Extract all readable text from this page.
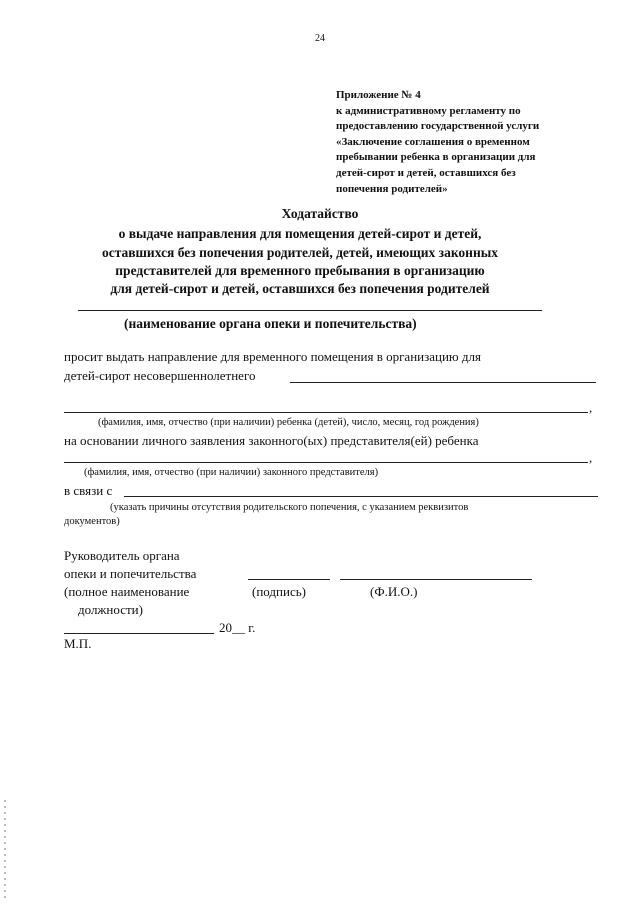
24
Приложение № 4
к административному регламенту по
предоставлению государственной услуги
«Заключение соглашения о временном
пребывании ребенка в организации для
детей-сирот и детей, оставшихся без
попечения родителей»
Ходатайство
о выдаче направления для помещения детей-сирот и детей,
оставшихся без попечения родителей, детей, имеющих законных
представителей для временного пребывания в организацию
для детей-сирот и детей, оставшихся без попечения родителей
(наименование органа опеки и попечительства)
просит выдать направление для временного помещения в организацию для
детей-сирот несовершеннолетнего
,
(фамилия, имя, отчество (при наличии) ребенка (детей), число, месяц, год рождения)
на основании личного заявления законного(ых) представителя(ей) ребенка
,
(фамилия, имя, отчество (при наличии) законного представителя)
в связи с
(указать причины отсутствия родительского попечения, с указанием реквизитов
документов)
Руководитель органа
опеки и попечительства
(полное наименование	(подпись)	(Ф.И.О.)
должности)
20__ г.
М.П.
